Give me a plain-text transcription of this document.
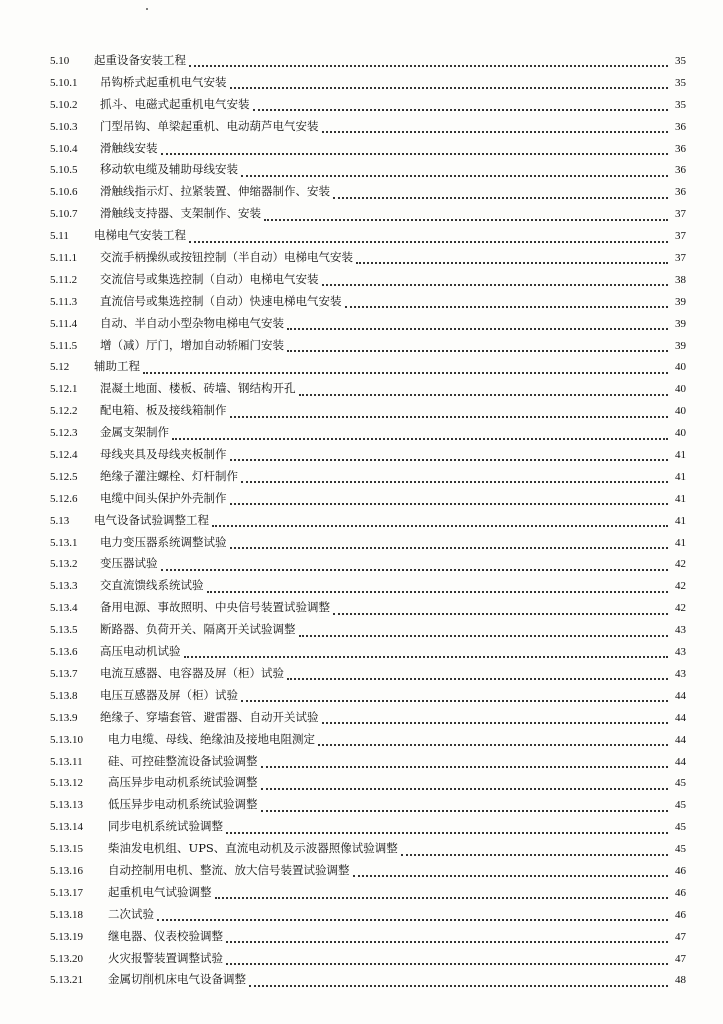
5.10	起重设备安装工程	35
5.10.1	吊钩桥式起重机电气安装	35
5.10.2	抓斗、电磁式起重机电气安装	35
5.10.3	门型吊钩、单梁起重机、电动葫芦电气安装	36
5.10.4	滑触线安装	36
5.10.5	移动软电缆及辅助母线安装	36
5.10.6	滑触线指示灯、拉紧装置、伸缩器制作、安装	36
5.10.7	滑触线支持器、支架制作、安装	37
5.11	电梯电气安装工程	37
5.11.1	交流手柄操纵或按钮控制（半自动）电梯电气安装	37
5.11.2	交流信号或集选控制（自动）电梯电气安装	38
5.11.3	直流信号或集选控制（自动）快速电梯电气安装	39
5.11.4	自动、半自动小型杂物电梯电气安装	39
5.11.5	增（减）厅门，增加自动轿厢门安装	39
5.12	辅助工程	40
5.12.1	混凝土地面、楼板、砖墙、钢结构开孔	40
5.12.2	配电箱、板及接线箱制作	40
5.12.3	金属支架制作	40
5.12.4	母线夹具及母线夹板制作	41
5.12.5	绝缘子灌注螺栓、灯杆制作	41
5.12.6	电缆中间头保护外壳制作	41
5.13	电气设备试验调整工程	41
5.13.1	电力变压器系统调整试验	41
5.13.2	变压器试验	42
5.13.3	交直流馈线系统试验	42
5.13.4	备用电源、事故照明、中央信号装置试验调整	42
5.13.5	断路器、负荷开关、隔离开关试验调整	43
5.13.6	高压电动机试验	43
5.13.7	电流互感器、电容器及屏（柜）试验	43
5.13.8	电压互感器及屏（柜）试验	44
5.13.9	绝缘子、穿墙套管、避雷器、自动开关试验	44
5.13.10	电力电缆、母线、绝缘油及接地电阻测定	44
5.13.11	硅、可控硅整流设备试验调整	44
5.13.12	高压异步电动机系统试验调整	45
5.13.13	低压异步电动机系统试验调整	45
5.13.14	同步电机系统试验调整	45
5.13.15	柴油发电机组、UPS、直流电动机及示波器照像试验调整	45
5.13.16	自动控制用电机、整流、放大信号装置试验调整	46
5.13.17	起重机电气试验调整	46
5.13.18	二次试验	46
5.13.19	继电器、仪表校验调整	47
5.13.20	火灾报警装置调整试验	47
5.13.21	金属切削机床电气设备调整	48
